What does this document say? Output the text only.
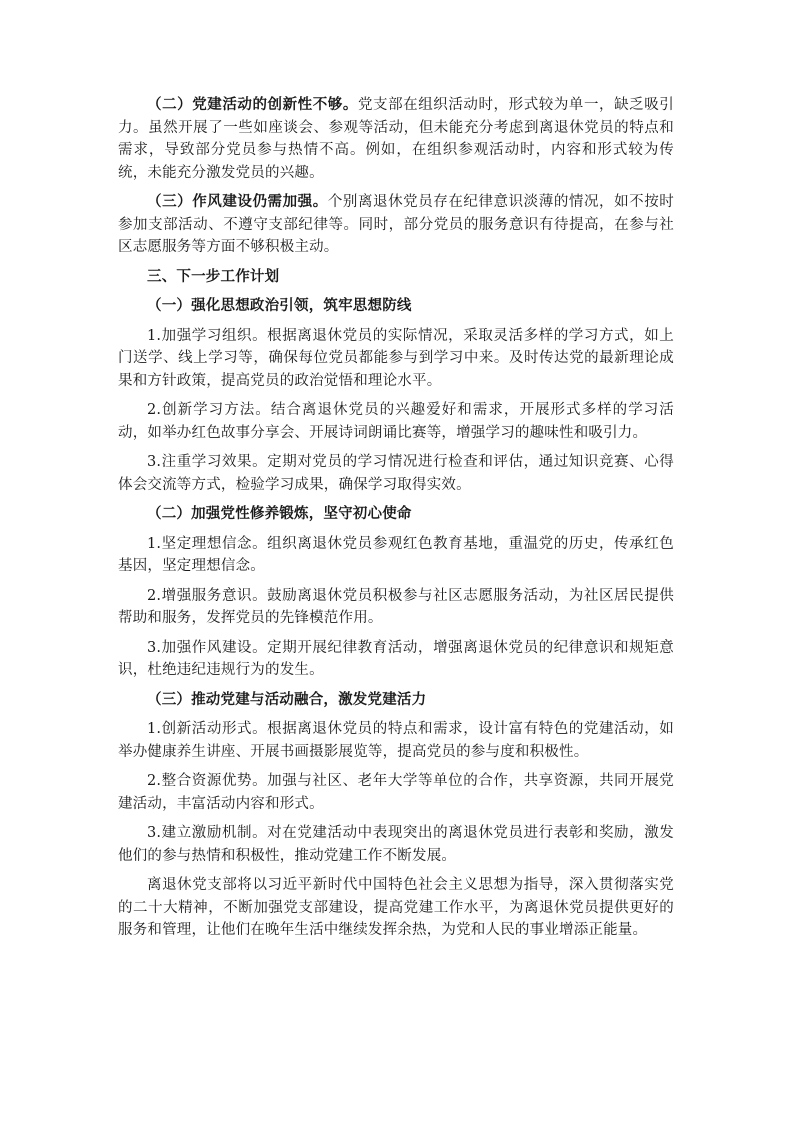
（二）党建活动的创新性不够。党支部在组织活动时，形式较为单一，缺乏吸引力。虽然开展了一些如座谈会、参观等活动，但未能充分考虑到离退休党员的特点和需求，导致部分党员参与热情不高。例如，在组织参观活动时，内容和形式较为传统，未能充分激发党员的兴趣。

（三）作风建设仍需加强。个别离退休党员存在纪律意识淡薄的情况，如不按时参加支部活动、不遵守支部纪律等。同时，部分党员的服务意识有待提高，在参与社区志愿服务等方面不够积极主动。

三、下一步工作计划
（一）强化思想政治引领，筑牢思想防线

1.加强学习组织。根据离退休党员的实际情况，采取灵活多样的学习方式，如上门送学、线上学习等，确保每位党员都能参与到学习中来。及时传达党的最新理论成果和方针政策，提高党员的政治觉悟和理论水平。

2.创新学习方法。结合离退休党员的兴趣爱好和需求，开展形式多样的学习活动，如举办红色故事分享会、开展诗词朗诵比赛等，增强学习的趣味性和吸引力。

3.注重学习效果。定期对党员的学习情况进行检查和评估，通过知识竞赛、心得体会交流等方式，检验学习成果，确保学习取得实效。

（二）加强党性修养锻炼，坚守初心使命

1.坚定理想信念。组织离退休党员参观红色教育基地，重温党的历史，传承红色基因，坚定理想信念。

2.增强服务意识。鼓励离退休党员积极参与社区志愿服务活动，为社区居民提供帮助和服务，发挥党员的先锋模范作用。

3.加强作风建设。定期开展纪律教育活动，增强离退休党员的纪律意识和规矩意识，杜绝违纪违规行为的发生。

（三）推动党建与活动融合，激发党建活力

1.创新活动形式。根据离退休党员的特点和需求，设计富有特色的党建活动，如举办健康养生讲座、开展书画摄影展览等，提高党员的参与度和积极性。

2.整合资源优势。加强与社区、老年大学等单位的合作，共享资源，共同开展党建活动，丰富活动内容和形式。

3.建立激励机制。对在党建活动中表现突出的离退休党员进行表彰和奖励，激发他们的参与热情和积极性，推动党建工作不断发展。

离退休党支部将以习近平新时代中国特色社会主义思想为指导，深入贯彻落实党的二十大精神，不断加强党支部建设，提高党建工作水平，为离退休党员提供更好的服务和管理，让他们在晚年生活中继续发挥余热，为党和人民的事业增添正能量。
